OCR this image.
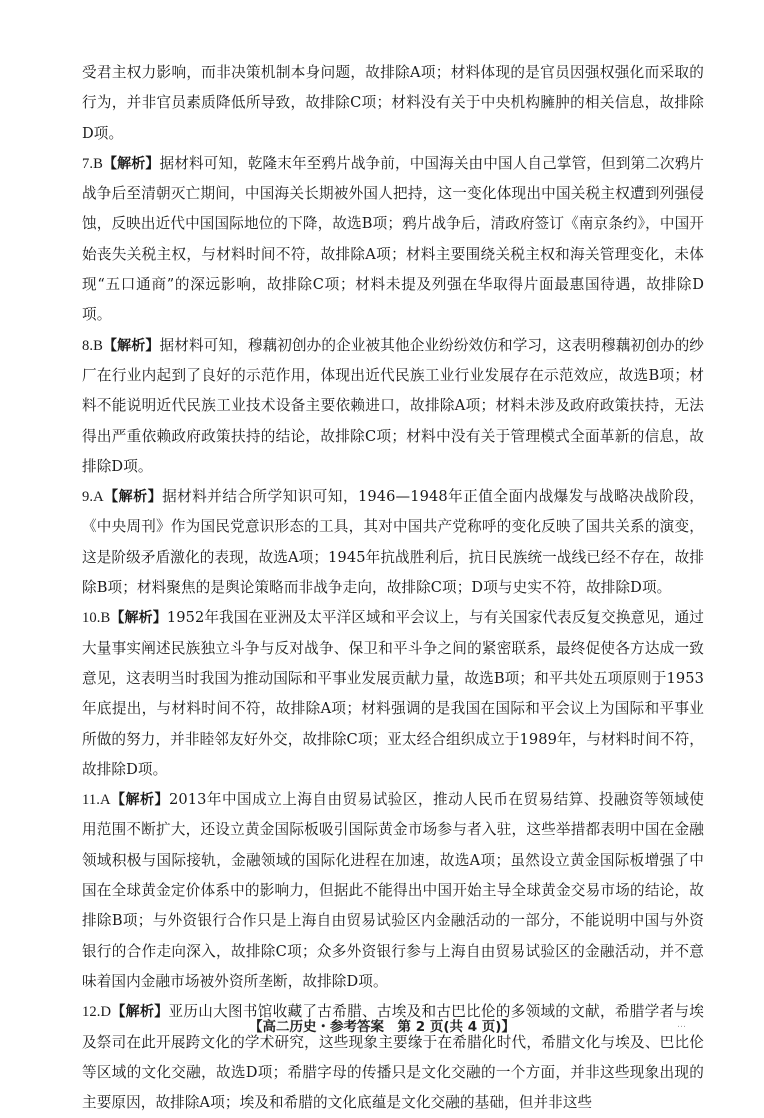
受君主权力影响，而非决策机制本身问题，故排除A项；材料体现的是官员因强权强化而采取的行为，并非官员素质降低所导致，故排除C项；材料没有关于中央机构臃肿的相关信息，故排除D项。

7.B【解析】据材料可知，乾隆末年至鸦片战争前，中国海关由中国人自己掌管，但到第二次鸦片战争后至清朝灭亡期间，中国海关长期被外国人把持，这一变化体现出中国关税主权遭到列强侵蚀，反映出近代中国国际地位的下降，故选B项；鸦片战争后，清政府签订《南京条约》，中国开始丧失关税主权，与材料时间不符，故排除A项；材料主要围绕关税主权和海关管理变化，未体现“五口通商”的深远影响，故排除C项；材料未提及列强在华取得片面最惠国待遇，故排除D项。

8.B【解析】据材料可知，穆藕初创办的企业被其他企业纷纷效仿和学习，这表明穆藕初创办的纱厂在行业内起到了良好的示范作用，体现出近代民族工业行业发展存在示范效应，故选B项；材料不能说明近代民族工业技术设备主要依赖进口，故排除A项；材料未涉及政府政策扶持，无法得出严重依赖政府政策扶持的结论，故排除C项；材料中没有关于管理模式全面革新的信息，故排除D项。

9.A【解析】据材料并结合所学知识可知，1946—1948年正值全面内战爆发与战略决战阶段，《中央周刊》作为国民党意识形态的工具，其对中国共产党称呼的变化反映了国共关系的演变，这是阶级矛盾激化的表现，故选A项；1945年抗战胜利后，抗日民族统一战线已经不存在，故排除B项；材料聚焦的是舆论策略而非战争走向，故排除C项；D项与史实不符，故排除D项。

10.B【解析】1952年我国在亚洲及太平洋区域和平会议上，与有关国家代表反复交换意见，通过大量事实阐述民族独立斗争与反对战争、保卫和平斗争之间的紧密联系，最终促使各方达成一致意见，这表明当时我国为推动国际和平事业发展贡献力量，故选B项；和平共处五项原则于1953年底提出，与材料时间不符，故排除A项；材料强调的是我国在国际和平会议上为国际和平事业所做的努力，并非睦邻友好外交，故排除C项；亚太经合组织成立于1989年，与材料时间不符，故排除D项。

11.A【解析】2013年中国成立上海自由贸易试验区，推动人民币在贸易结算、投融资等领域使用范围不断扩大，还设立黄金国际板吸引国际黄金市场参与者入驻，这些举措都表明中国在金融领域积极与国际接轨，金融领域的国际化进程在加速，故选A项；虽然设立黄金国际板增强了中国在全球黄金定价体系中的影响力，但据此不能得出中国开始主导全球黄金交易市场的结论，故排除B项；与外资银行合作只是上海自由贸易试验区内金融活动的一部分，不能说明中国与外资银行的合作走向深入，故排除C项；众多外资银行参与上海自由贸易试验区的金融活动，并不意味着国内金融市场被外资所垄断，故排除D项。

12.D【解析】亚历山大图书馆收藏了古希腊、古埃及和古巴比伦的多领域的文献，希腊学者与埃及祭司在此开展跨文化的学术研究，这些现象主要缘于在希腊化时代，希腊文化与埃及、巴比伦等区域的文化交融，故选D项；希腊字母的传播只是文化交融的一个方面，并非这些现象出现的主要原因，故排除A项；埃及和希腊的文化底蕴是文化交融的基础，但并非这些

【高二历史・参考答案　第 2 页(共 4 页)】	…
